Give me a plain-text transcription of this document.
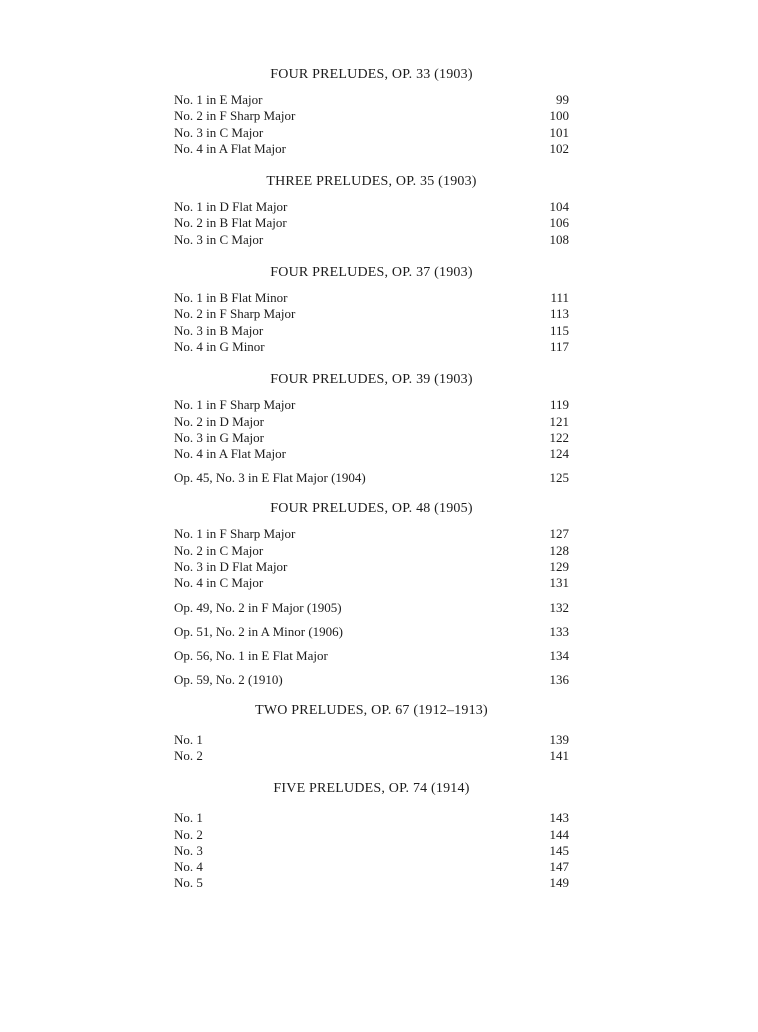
FOUR PRELUDES, OP. 33 (1903)
No. 1 in E Major	99
No. 2 in F Sharp Major	100
No. 3 in C Major	101
No. 4 in A Flat Major	102
THREE PRELUDES, OP. 35 (1903)
No. 1 in D Flat Major	104
No. 2 in B Flat Major	106
No. 3 in C Major	108
FOUR PRELUDES, OP. 37 (1903)
No. 1 in B Flat Minor	111
No. 2 in F Sharp Major	113
No. 3 in B Major	115
No. 4 in G Minor	117
FOUR PRELUDES, OP. 39 (1903)
No. 1 in F Sharp Major	119
No. 2 in D Major	121
No. 3 in G Major	122
No. 4 in A Flat Major	124
Op. 45, No. 3 in E Flat Major (1904)	125
FOUR PRELUDES, OP. 48 (1905)
No. 1 in F Sharp Major	127
No. 2 in C Major	128
No. 3 in D Flat Major	129
No. 4 in C Major	131
Op. 49, No. 2 in F Major (1905)	132
Op. 51, No. 2 in A Minor (1906)	133
Op. 56, No. 1 in E Flat Major	134
Op. 59, No. 2 (1910)	136
TWO PRELUDES, OP. 67 (1912–1913)
No. 1	139
No. 2	141
FIVE PRELUDES, OP. 74 (1914)
No. 1	143
No. 2	144
No. 3	145
No. 4	147
No. 5	149
